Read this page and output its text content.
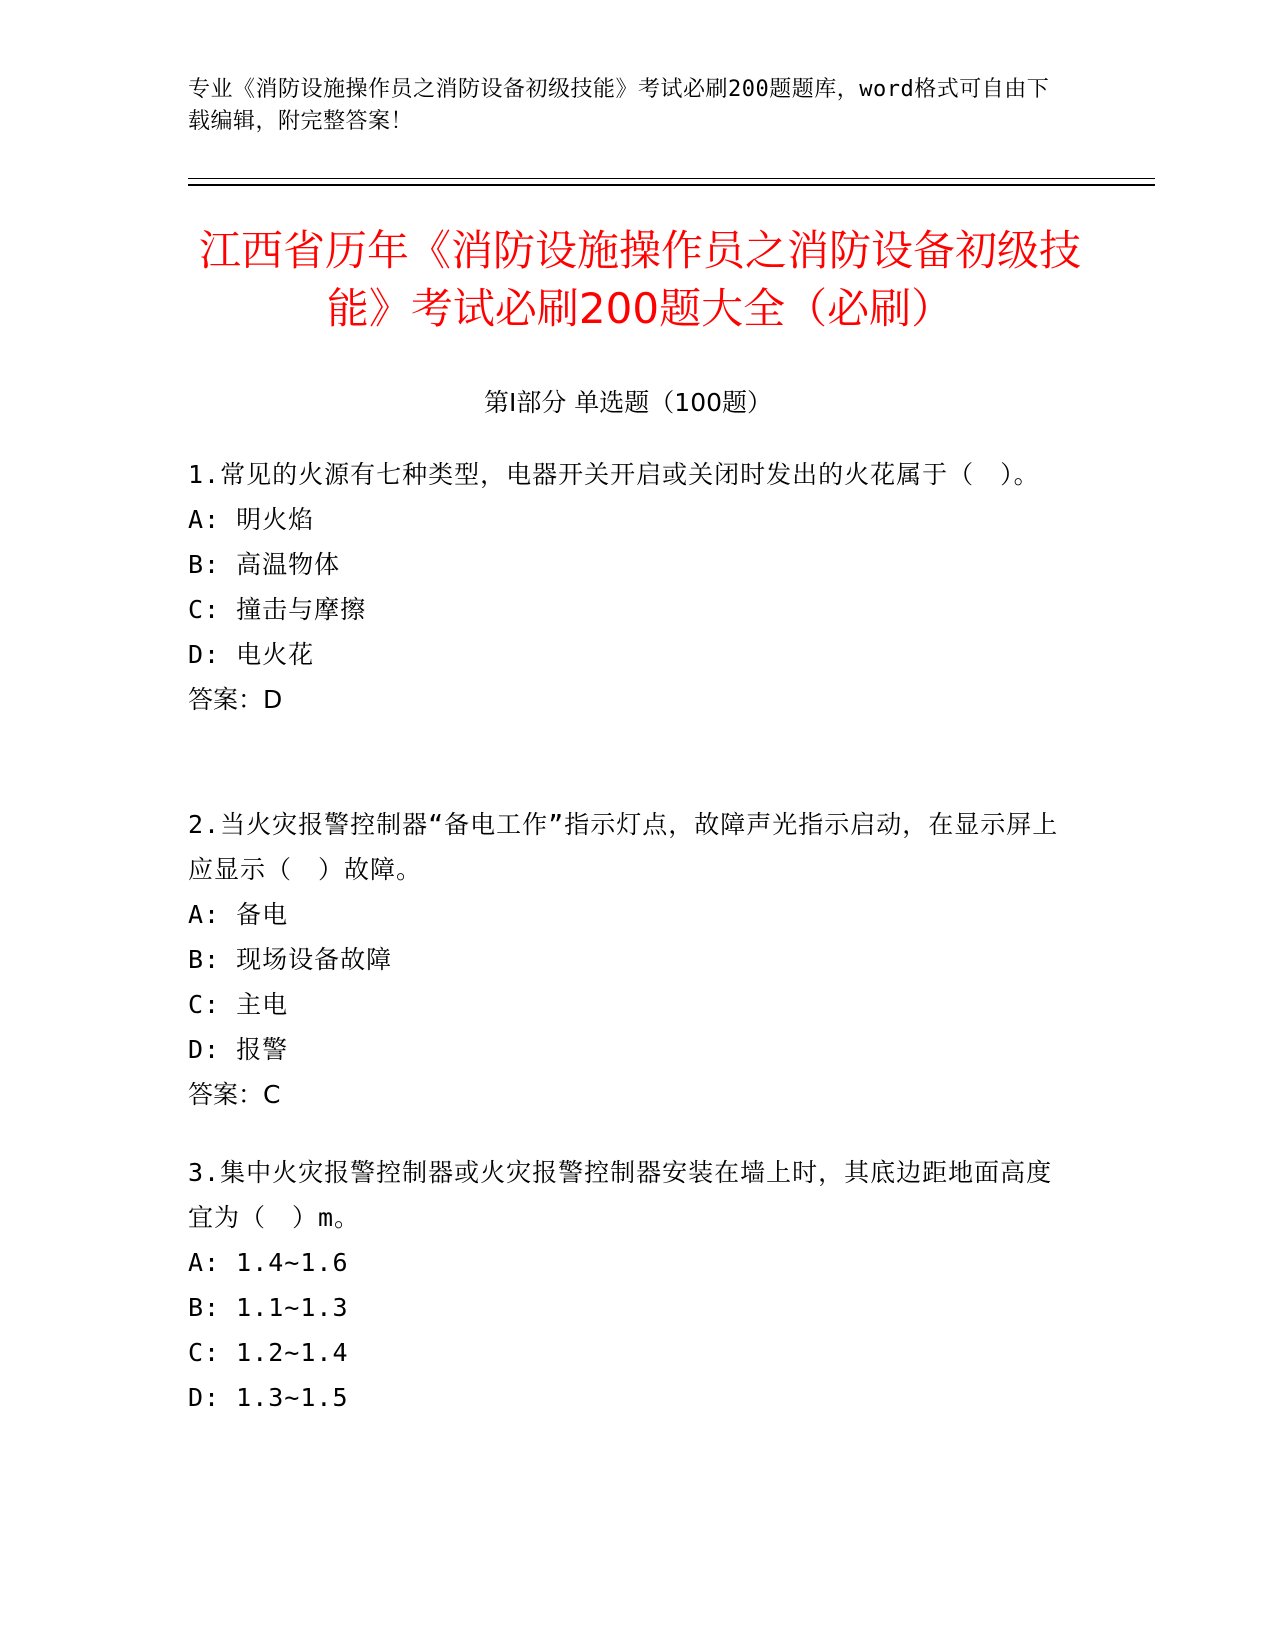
专业《消防设施操作员之消防设备初级技能》考试必刷200题题库，word格式可自由下载编辑，附完整答案！
江西省历年《消防设施操作员之消防设备初级技能》考试必刷200题大全（必刷）
第Ⅰ部分 单选题（100题）

1.常见的火源有七种类型，电器开关开启或关闭时发出的火花属于（　）。

A: 明火焰

B: 高温物体

C: 撞击与摩擦

D: 电火花

答案：D

2.当火灾报警控制器“备电工作”指示灯点，故障声光指示启动，在显示屏上应显示（　）故障。

A: 备电

B: 现场设备故障

C: 主电

D: 报警

答案：C

3.集中火灾报警控制器或火灾报警控制器安装在墙上时，其底边距地面高度宜为（　）m。

A: 1.4~1.6

B: 1.1~1.3

C: 1.2~1.4

D: 1.3~1.5
